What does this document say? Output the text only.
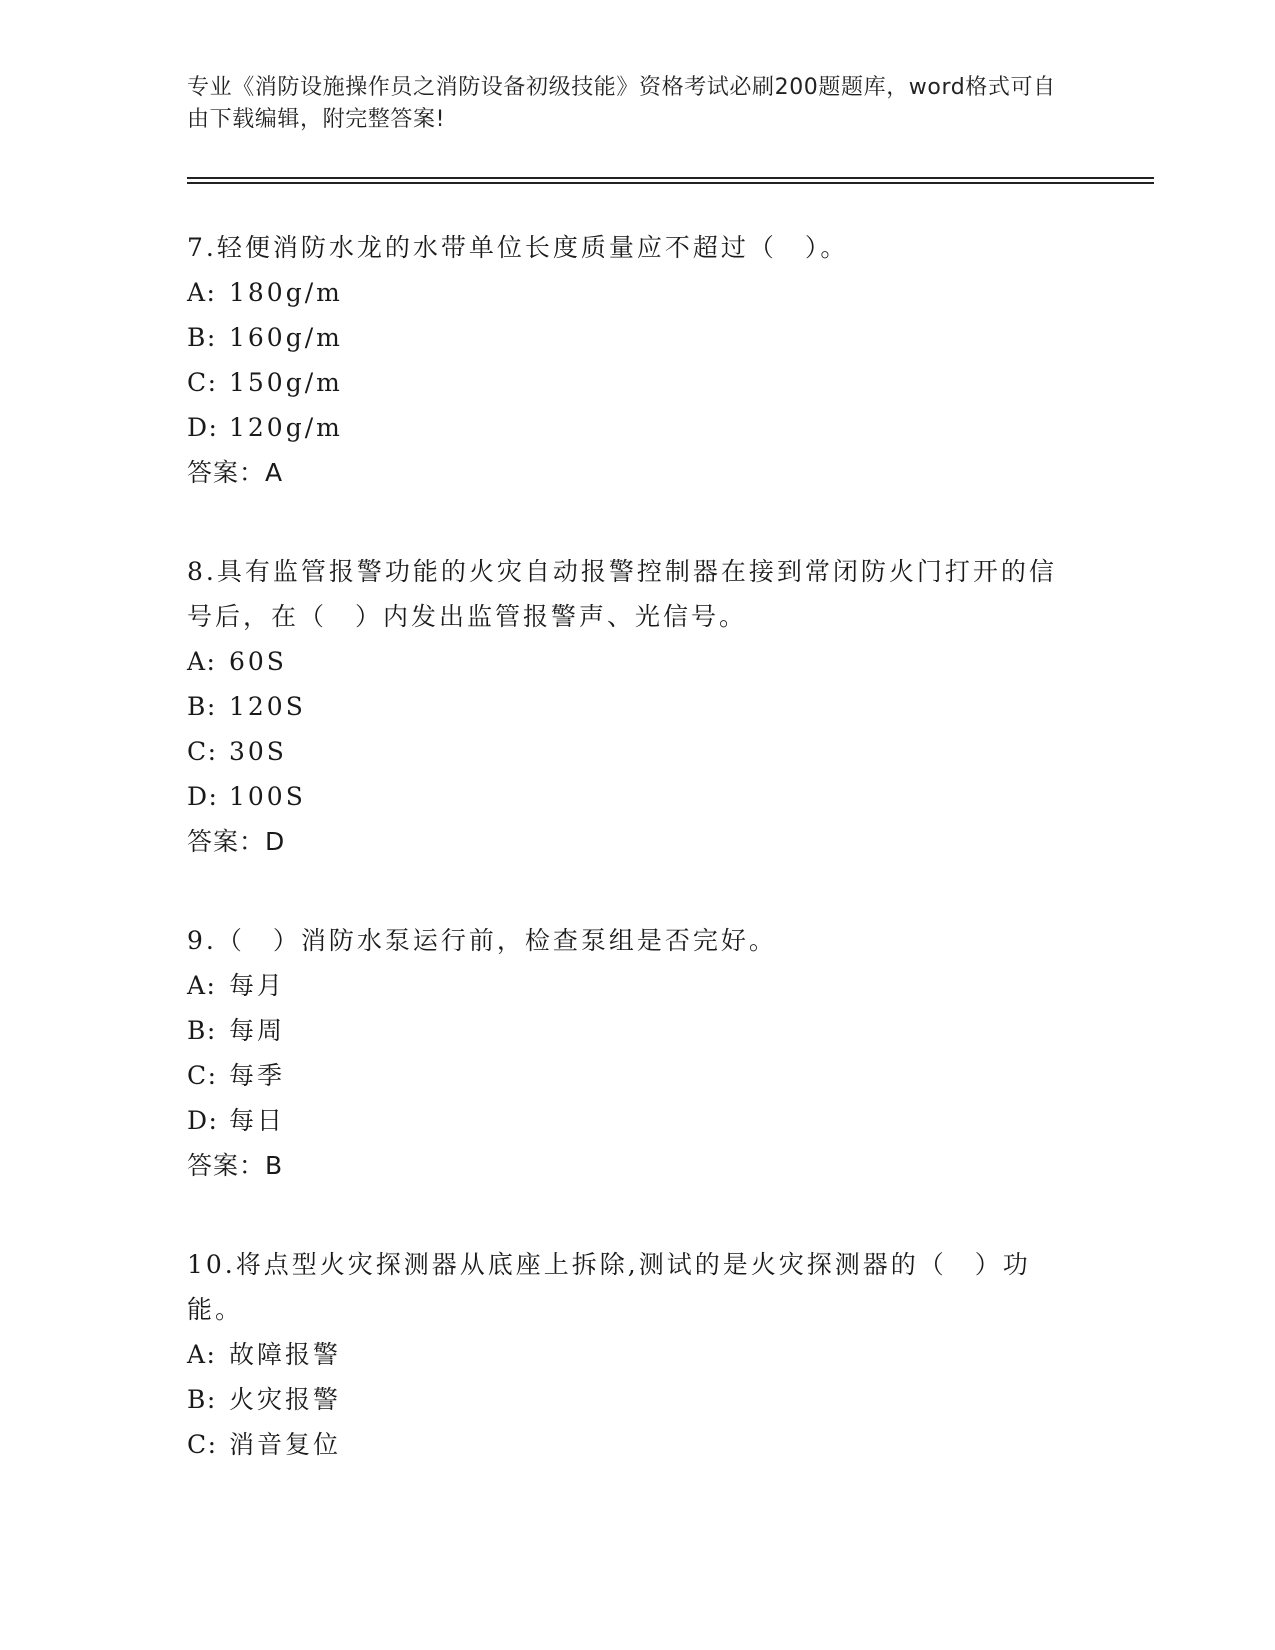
专业《消防设施操作员之消防设备初级技能》资格考试必刷200题题库，word格式可自由下载编辑，附完整答案!

7.轻便消防水龙的水带单位长度质量应不超过（　）。

A: 180g/m

B: 160g/m

C: 150g/m

D: 120g/m

答案：A

8.具有监管报警功能的火灾自动报警控制器在接到常闭防火门打开的信号后，在（　）内发出监管报警声、光信号。

A: 60S

B: 120S

C: 30S

D: 100S

答案：D

9.（　）消防水泵运行前，检查泵组是否完好。

A: 每月

B: 每周

C: 每季

D: 每日

答案：B

10.将点型火灾探测器从底座上拆除,测试的是火灾探测器的（　）功能。

A: 故障报警

B: 火灾报警

C: 消音复位
